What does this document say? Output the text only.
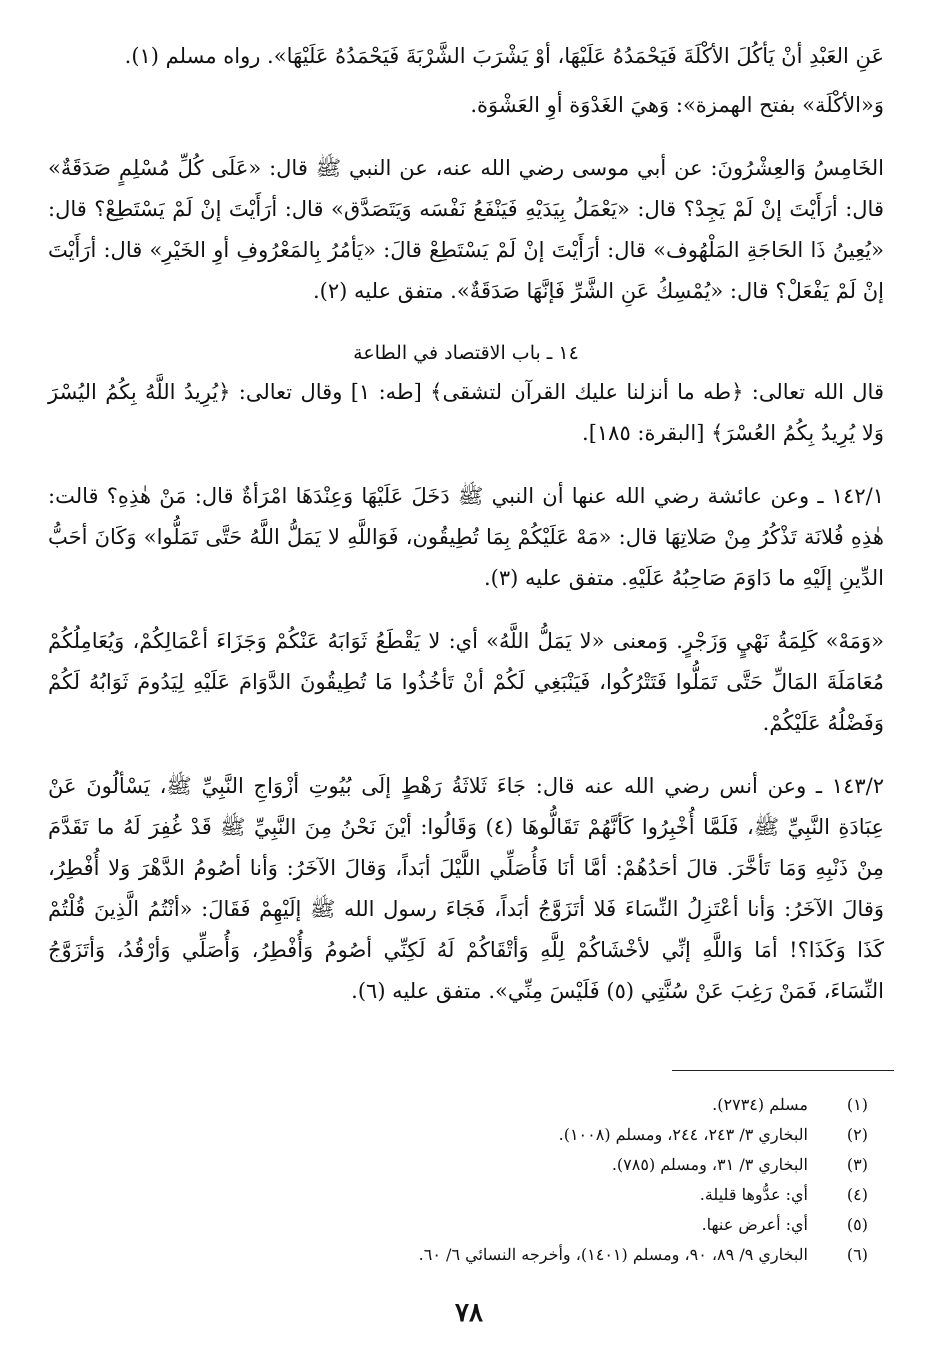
عَنِ العَبْدِ أنْ يَأكُلَ الأكْلَةَ فَيَحْمَدُهُ عَلَيْهَا، أوْ يَشْرَبَ الشَّرْبَةَ فَيَحْمَدُهُ عَلَيْهَا». رواه مسلم (١).

وَ«الأكْلَة» بفتح الهمزة»: وَهيَ الغَدْوَة أوِ العَشْوَة.

الخَامِسُ وَالعِشْرُونَ: عن أبي موسى رضي الله عنه، عن النبي ﷺ قال: «عَلَى كُلِّ مُسْلِمٍ صَدَقَةٌ» قال: أرَأَيْتَ إنْ لَمْ يَجِدْ؟ قال: «يَعْمَلُ بِيَدَيْهِ فَيَنْفَعُ نَفْسَه وَيَتَصَدَّق» قال: أرَأَيْتَ إنْ لَمْ يَسْتَطِعْ؟ قال: «يُعِينُ ذَا الحَاجَةِ المَلْهُوف» قال: أرَأَيْتَ إنْ لَمْ يَسْتَطِعْ قالَ: «يَأمُرُ بِالمَعْرُوفِ أوِ الخَيْرِ» قال: أرَأَيْتَ إنْ لَمْ يَفْعَلْ؟ قال: «يُمْسِكُ عَنِ الشَّرِّ فَإنَّهَا صَدَقَةٌ». متفق عليه (٢).

١٤ ـ باب الاقتصاد في الطاعة

قال الله تعالى: ﴿طه ما أنزلنا عليك القرآن لتشقى﴾ [طه: ١] وقال تعالى: ﴿يُرِيدُ اللَّهُ بِكُمُ اليُسْرَ وَلا يُرِيدُ بِكُمُ العُسْرَ﴾ [البقرة: ١٨٥].

١٤٢/١ ـ وعن عائشة رضي الله عنها أن النبي ﷺ دَخَلَ عَلَيْهَا وَعِنْدَهَا امْرَأةٌ قال: مَنْ هٰذِهِ؟ قالت: هٰذِهِ فُلانَة تَذْكُرُ مِنْ صَلاتِهَا قال: «مَهْ عَلَيْكُمْ بِمَا تُطِيقُون، فَوَاللَّهِ لا يَمَلُّ اللَّهُ حَتَّى تَمَلُّوا» وَكَانَ أحَبُّ الدِّينِ إلَيْهِ ما دَاوَمَ صَاحِبُهُ عَلَيْهِ. متفق عليه (٣).

«وَمَهْ» كَلِمَةُ نَهْيٍ وَزَجْرٍ. وَمعنى «لا يَمَلُّ اللَّهُ» أي: لا يَقْطَعُ ثَوَابَهُ عَنْكُمْ وَجَزَاءَ أعْمَالِكُمْ، وَيُعَامِلُكُمْ مُعَامَلَةَ المَالِّ حَتَّى تَمَلُّوا فَتَتْرُكُوا، فَيَنْبَغِي لَكُمْ أنْ تَأخُذُوا مَا تُطِيقُونَ الدَّوَامَ عَلَيْهِ لِيَدُومَ ثَوَابُهُ لَكُمْ وَفَضْلُهُ عَلَيْكُمْ.

١٤٣/٢ ـ وعن أنس رضي الله عنه قال: جَاءَ ثَلاثَةُ رَهْطٍ إلَى بُيُوتِ أزْوَاجِ النَّبِيِّ ﷺ، يَسْألُونَ عَنْ عِبَادَةِ النَّبِيِّ ﷺ، فَلَمَّا أُخْبِرُوا كَأنَّهُمْ تَقَالُّوهَا (٤) وَقَالُوا: أيْنَ نَحْنُ مِنَ النَّبِيِّ ﷺ قَدْ غُفِرَ لَهُ ما تَقَدَّمَ مِنْ ذَنْبِهِ وَمَا تَأخَّرَ. قالَ أحَدُهُمْ: أمَّا أنَا فَأُصَلِّي اللَّيْلَ أبَداً، وَقالَ الآخَرُ: وَأنا أصُومُ الدَّهْرَ وَلا أُفْطِرُ، وَقالَ الآخَرُ: وَأنا أعْتَزِلُ النِّسَاءَ فَلا أتَزَوَّجُ أبَداً، فَجَاءَ رسول الله ﷺ إلَيْهِمْ فَقَالَ: «أنْتُمُ الَّذِينَ قُلْتُمْ كَذَا وَكَذَا؟! أمَا وَاللَّهِ إنِّي لأخْشَاكُمْ لِلَّهِ وَأتْقَاكُمْ لَهُ لَكِنِّي أصُومُ وَأُفْطِرُ، وَأُصَلِّي وَأرْقُدُ، وَأتَزَوَّجُ النِّسَاءَ، فَمَنْ رَغِبَ عَنْ سُنَّتِي (٥) فَلَيْسَ مِنِّي». متفق عليه (٦).

(١)
مسلم (٢٧٣٤).
(٢)
البخاري ٣/ ٢٤٣، ٢٤٤، ومسلم (١٠٠٨).
(٣)
البخاري ٣/ ٣١، ومسلم (٧٨٥).
(٤)
أي: عدُّوها قليلة.
(٥)
أي: أعرض عنها.
(٦)
البخاري ٩/ ٨٩، ٩٠، ومسلم (١٤٠١)، وأخرجه النسائي ٦/ ٦٠.
٧٨
